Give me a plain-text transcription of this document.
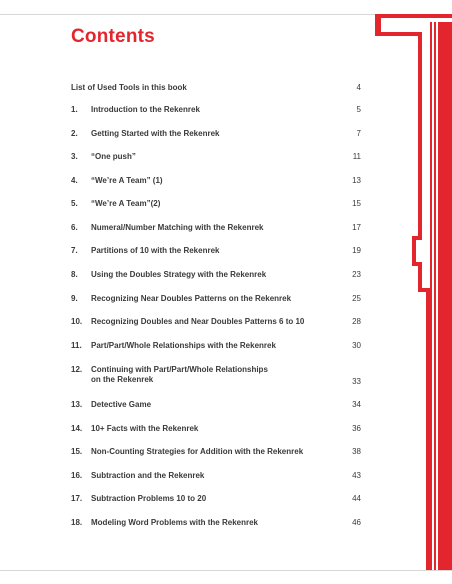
Contents
List of Used Tools in this book	4
1.	Introduction to the Rekenrek	5
2.	Getting Started with the Rekenrek	7
3.	“One push”	11
4.	“We’re A Team” (1)	13
5.	“We’re A Team”(2)	15
6.	Numeral/Number Matching with the Rekenrek	17
7.	Partitions of 10 with the Rekenrek	19
8.	Using the Doubles Strategy with the Rekenrek	23
9.	Recognizing Near Doubles Patterns on the Rekenrek	25
10.	Recognizing Doubles and Near Doubles Patterns 6 to 10	28
11.	Part/Part/Whole Relationships with the Rekenrek	30
12.	Continuing with Part/Part/Whole Relationships
on the Rekenrek	33
13.	Detective Game	34
14.	10+ Facts with the Rekenrek	36
15.	Non-Counting Strategies for Addition with the Rekenrek	38
16.	Subtraction and the Rekenrek	43
17.	Subtraction Problems 10 to 20	44
18.	Modeling Word Problems with the Rekenrek	46
